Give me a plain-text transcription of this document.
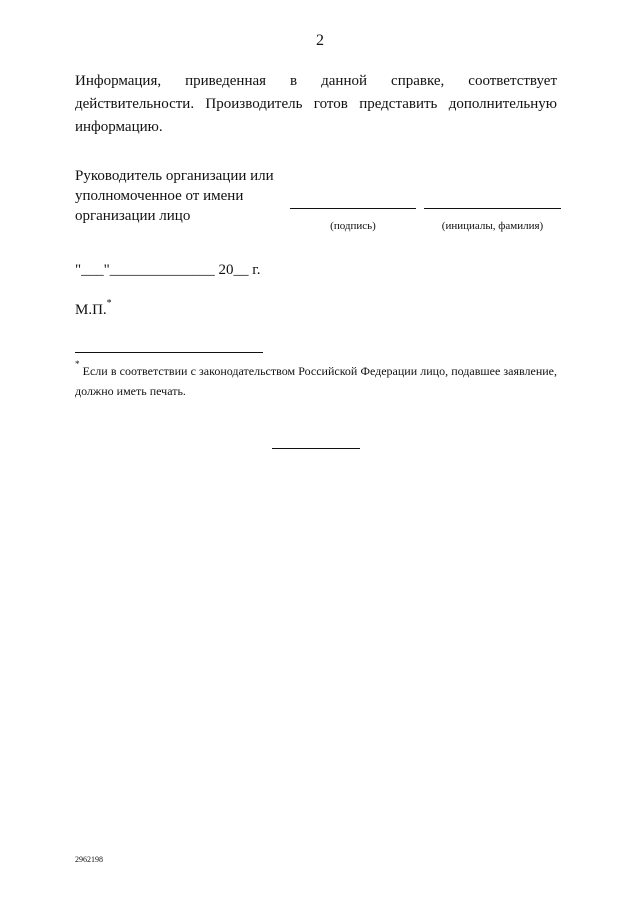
2
Информация, приведенная в данной справке, соответствует действительности. Производитель готов представить дополнительную информацию.
Руководитель организации или уполномоченное от имени организации лицо
(подпись)	(инициалы, фамилия)
"___"______________ 20__ г.
М.П.*
* Если в соответствии с законодательством Российской Федерации лицо, подавшее заявление, должно иметь печать.
2962198
